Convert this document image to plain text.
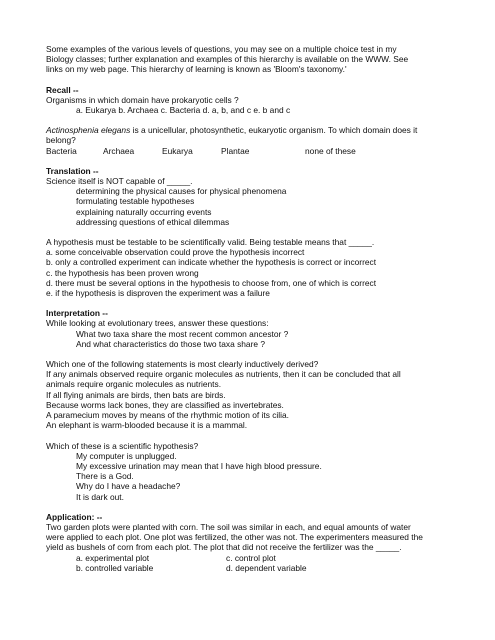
Some examples of the various levels of questions, you may see on a multiple choice test in my

Biology classes; further explanation and examples of this hierarchy is available on the WWW. See

links on my web page. This hierarchy of learning is known as 'Bloom's taxonomy.'

Recall --

Organisms in which domain have prokaryotic cells ?

a. Eukarya b. Archaea c. Bacteria d. a, b, and c e. b and c

Actinosphenia elegans is a unicellular, photosynthetic, eukaryotic organism. To which domain does it

belong?

Bacteria	Archaea	Eukarya	Plantae	none of these

Translation --

Science itself is NOT capable of _____.

determining the physical causes for physical phenomena

formulating testable hypotheses

explaining naturally occurring events

addressing questions of ethical dilemmas

A hypothesis must be testable to be scientifically valid. Being testable means that _____.

a. some conceivable observation could prove the hypothesis incorrect

b. only a controlled experiment can indicate whether the hypothesis is correct or incorrect

c. the hypothesis has been proven wrong

d. there must be several options in the hypothesis to choose from, one of which is correct

e. if the hypothesis is disproven the experiment was a failure

Interpretation --

While looking at evolutionary trees, answer these questions:

What two taxa share the most recent common ancestor ?

And what characteristics do those two taxa share ?

Which one of the following statements is most clearly inductively derived?

If any animals observed require organic molecules as nutrients, then it can be concluded that all

animals require organic molecules as nutrients.

If all flying animals are birds, then bats are birds.

Because worms lack bones, they are classified as invertebrates.

A paramecium moves by means of the rhythmic motion of its cilia.

An elephant is warm-blooded because it is a mammal.

Which of these is a scientific hypothesis?

My computer is unplugged.

My excessive urination may mean that I have high blood pressure.

There is a God.

Why do I have a headache?

It is dark out.

Application: --

Two garden plots were planted with corn. The soil was similar in each, and equal amounts of water

were applied to each plot. One plot was fertilized, the other was not. The experimenters measured the

yield as bushels of corn from each plot. The plot that did not receive the fertilizer was the _____.

a. experimental plot	c. control plot

b. controlled variable	d. dependent variable
